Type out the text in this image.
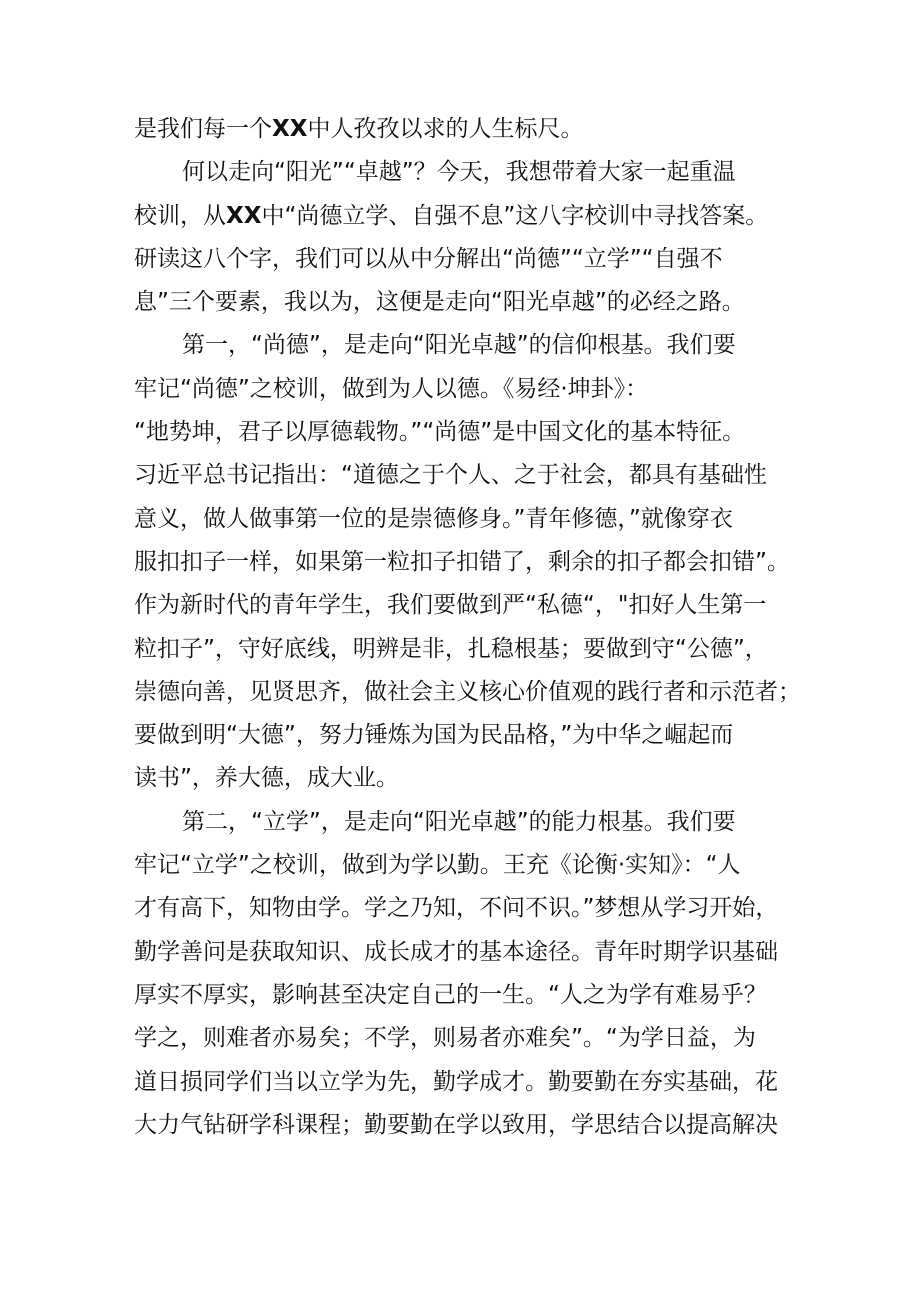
是我们每一个XX中人孜孜以求的人生标尺。
何以走向“阳光”“卓越”？今天，我想带着大家一起重温
校训，从XX中“尚德立学、自强不息”这八字校训中寻找答案。
研读这八个字，我们可以从中分解出“尚德”“立学”“自强不
息”三个要素，我以为，这便是走向“阳光卓越”的必经之路。
第一，“尚德”，是走向“阳光卓越”的信仰根基。我们要
牢记“尚德”之校训，做到为人以德。《易经·坤卦》：
“地势坤，君子以厚德载物。”“尚德”是中国文化的基本特征。
习近平总书记指出：“道德之于个人、之于社会，都具有基础性
意义，做人做事第一位的是崇德修身。”青年修德，”就像穿衣
服扣扣子一样，如果第一粒扣子扣错了，剩余的扣子都会扣错”。
作为新时代的青年学生，我们要做到严“私德“，"扣好人生第一
粒扣子”，守好底线，明辨是非，扎稳根基；要做到守“公德”，
崇德向善，见贤思齐，做社会主义核心价值观的践行者和示范者；
要做到明“大德”，努力锤炼为国为民品格，”为中华之崛起而
读书”，养大德，成大业。
第二，“立学”，是走向“阳光卓越”的能力根基。我们要
牢记“立学”之校训，做到为学以勤。王充《论衡·实知》：“人
才有高下，知物由学。学之乃知，不问不识。”梦想从学习开始，
勤学善问是获取知识、成长成才的基本途径。青年时期学识基础
厚实不厚实，影响甚至决定自己的一生。“人之为学有难易乎？
学之，则难者亦易矣；不学，则易者亦难矣”。“为学日益，为
道日损同学们当以立学为先，勤学成才。勤要勤在夯实基础，花
大力气钻研学科课程；勤要勤在学以致用，学思结合以提高解决
